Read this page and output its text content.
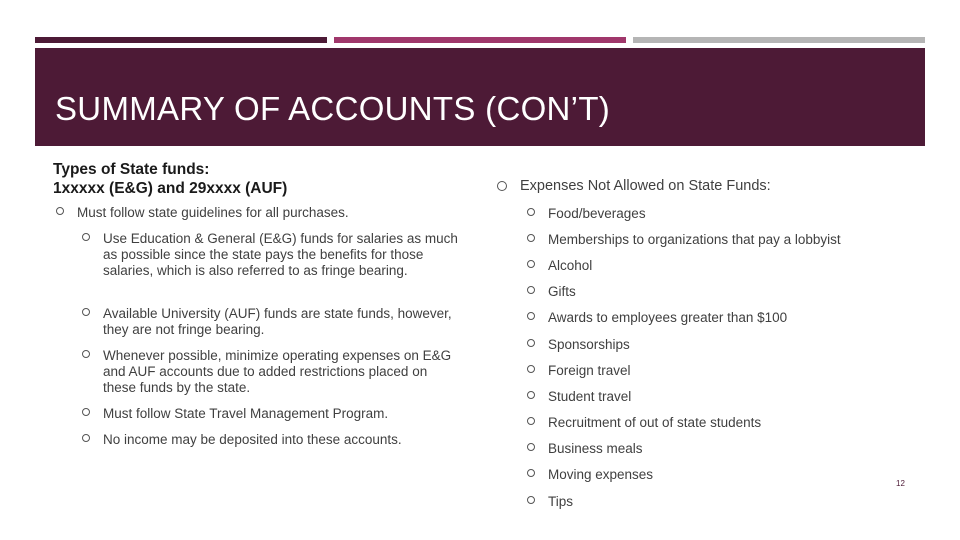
SUMMARY OF ACCOUNTS (CON’T)
Types of State funds:
1xxxxx (E&G) and 29xxxx (AUF)
Must follow state guidelines for all purchases.
Use Education & General (E&G) funds for salaries as much as possible since the state pays the benefits for those salaries, which is also referred to as fringe bearing.
Available University (AUF) funds are state funds, however, they are not fringe bearing.
Whenever possible, minimize operating expenses on E&G and AUF accounts due to added restrictions placed on these funds by the state.
Must follow State Travel Management Program.
No income may be deposited into these accounts.
Expenses Not Allowed on State Funds:
Food/beverages
Memberships to organizations that pay a lobbyist
Alcohol
Gifts
Awards to employees greater than $100
Sponsorships
Foreign travel
Student travel
Recruitment of out of state students
Business meals
Moving expenses
Tips
12
